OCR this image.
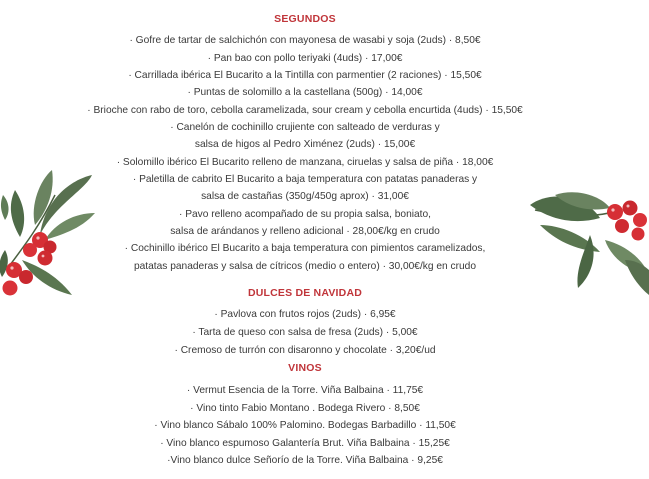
SEGUNDOS
· Gofre de tartar de salchichón con mayonesa de wasabi y soja (2uds) · 8,50€
· Pan bao con pollo teriyaki (4uds) · 17,00€
· Carrillada ibérica El Bucarito a la Tintilla con parmentier (2 raciones) · 15,50€
· Puntas de solomillo a la castellana (500g) · 14,00€
· Brioche con rabo de toro, cebolla caramelizada, sour cream y cebolla encurtida (4uds) · 15,50€
· Canelón de cochinillo crujiente con salteado de verduras y
salsa de higos al Pedro Ximénez (2uds) · 15,00€
· Solomillo ibérico El Bucarito relleno de manzana, ciruelas y salsa de piña · 18,00€
· Paletilla de cabrito El Bucarito a baja temperatura con patatas panaderas y
salsa de castañas (350g/450g aprox) · 31,00€
· Pavo relleno acompañado de su propia salsa, boniato,
salsa de arándanos y relleno adicional · 28,00€/kg en crudo
· Cochinillo ibérico El Bucarito a baja temperatura con pimientos caramelizados,
patatas panaderas y salsa de cítricos (medio o entero) · 30,00€/kg en crudo
DULCES DE NAVIDAD
· Pavlova con frutos rojos (2uds) · 6,95€
· Tarta de queso con salsa de fresa (2uds) · 5,00€
· Cremoso de turrón con disaronno y chocolate · 3,20€/ud
VINOS
· Vermut Esencia de la Torre. Viña Balbaina · 11,75€
· Vino tinto Fabio Montano . Bodega Rivero · 8,50€
· Vino blanco Sábalo 100% Palomino. Bodegas Barbadillo · 11,50€
· Vino blanco espumoso Galantería Brut. Viña Balbaina · 15,25€
·Vino blanco dulce Señorío de la Torre. Viña Balbaina · 9,25€
